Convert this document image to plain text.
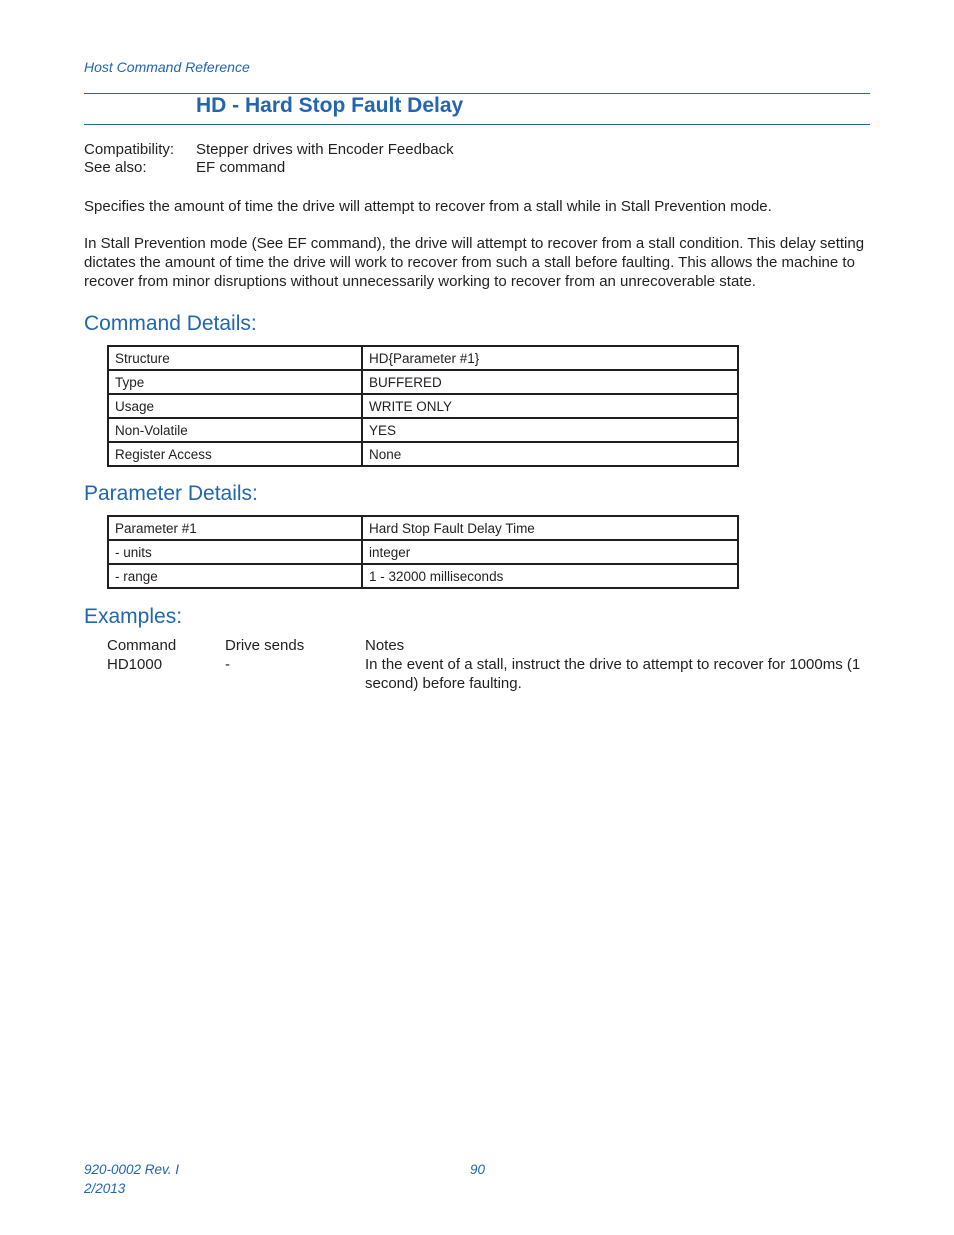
Host Command Reference
HD - Hard Stop Fault Delay
Compatibility:	Stepper drives with Encoder Feedback
See also:	EF command
Specifies the amount of time the drive will attempt to recover from a stall while in Stall Prevention mode.
In Stall Prevention mode (See EF command), the drive will attempt to recover from a stall condition. This delay setting dictates the amount of time the drive will work to recover from such a stall before faulting. This allows the machine to recover from minor disruptions without unnecessarily working to recover from an unrecoverable state.
Command Details:
Structure	HD{Parameter #1}
Type	BUFFERED
Usage	WRITE ONLY
Non-Volatile	YES
Register Access	None
Parameter Details:
Parameter #1	Hard Stop Fault Delay Time
- units	integer
- range	1 - 32000 milliseconds
Examples:
Command	Drive sends	Notes
HD1000	-	In the event of a stall, instruct the drive to attempt to recover for 1000ms (1 second) before faulting.
920-0002 Rev. I
2/2013
90
